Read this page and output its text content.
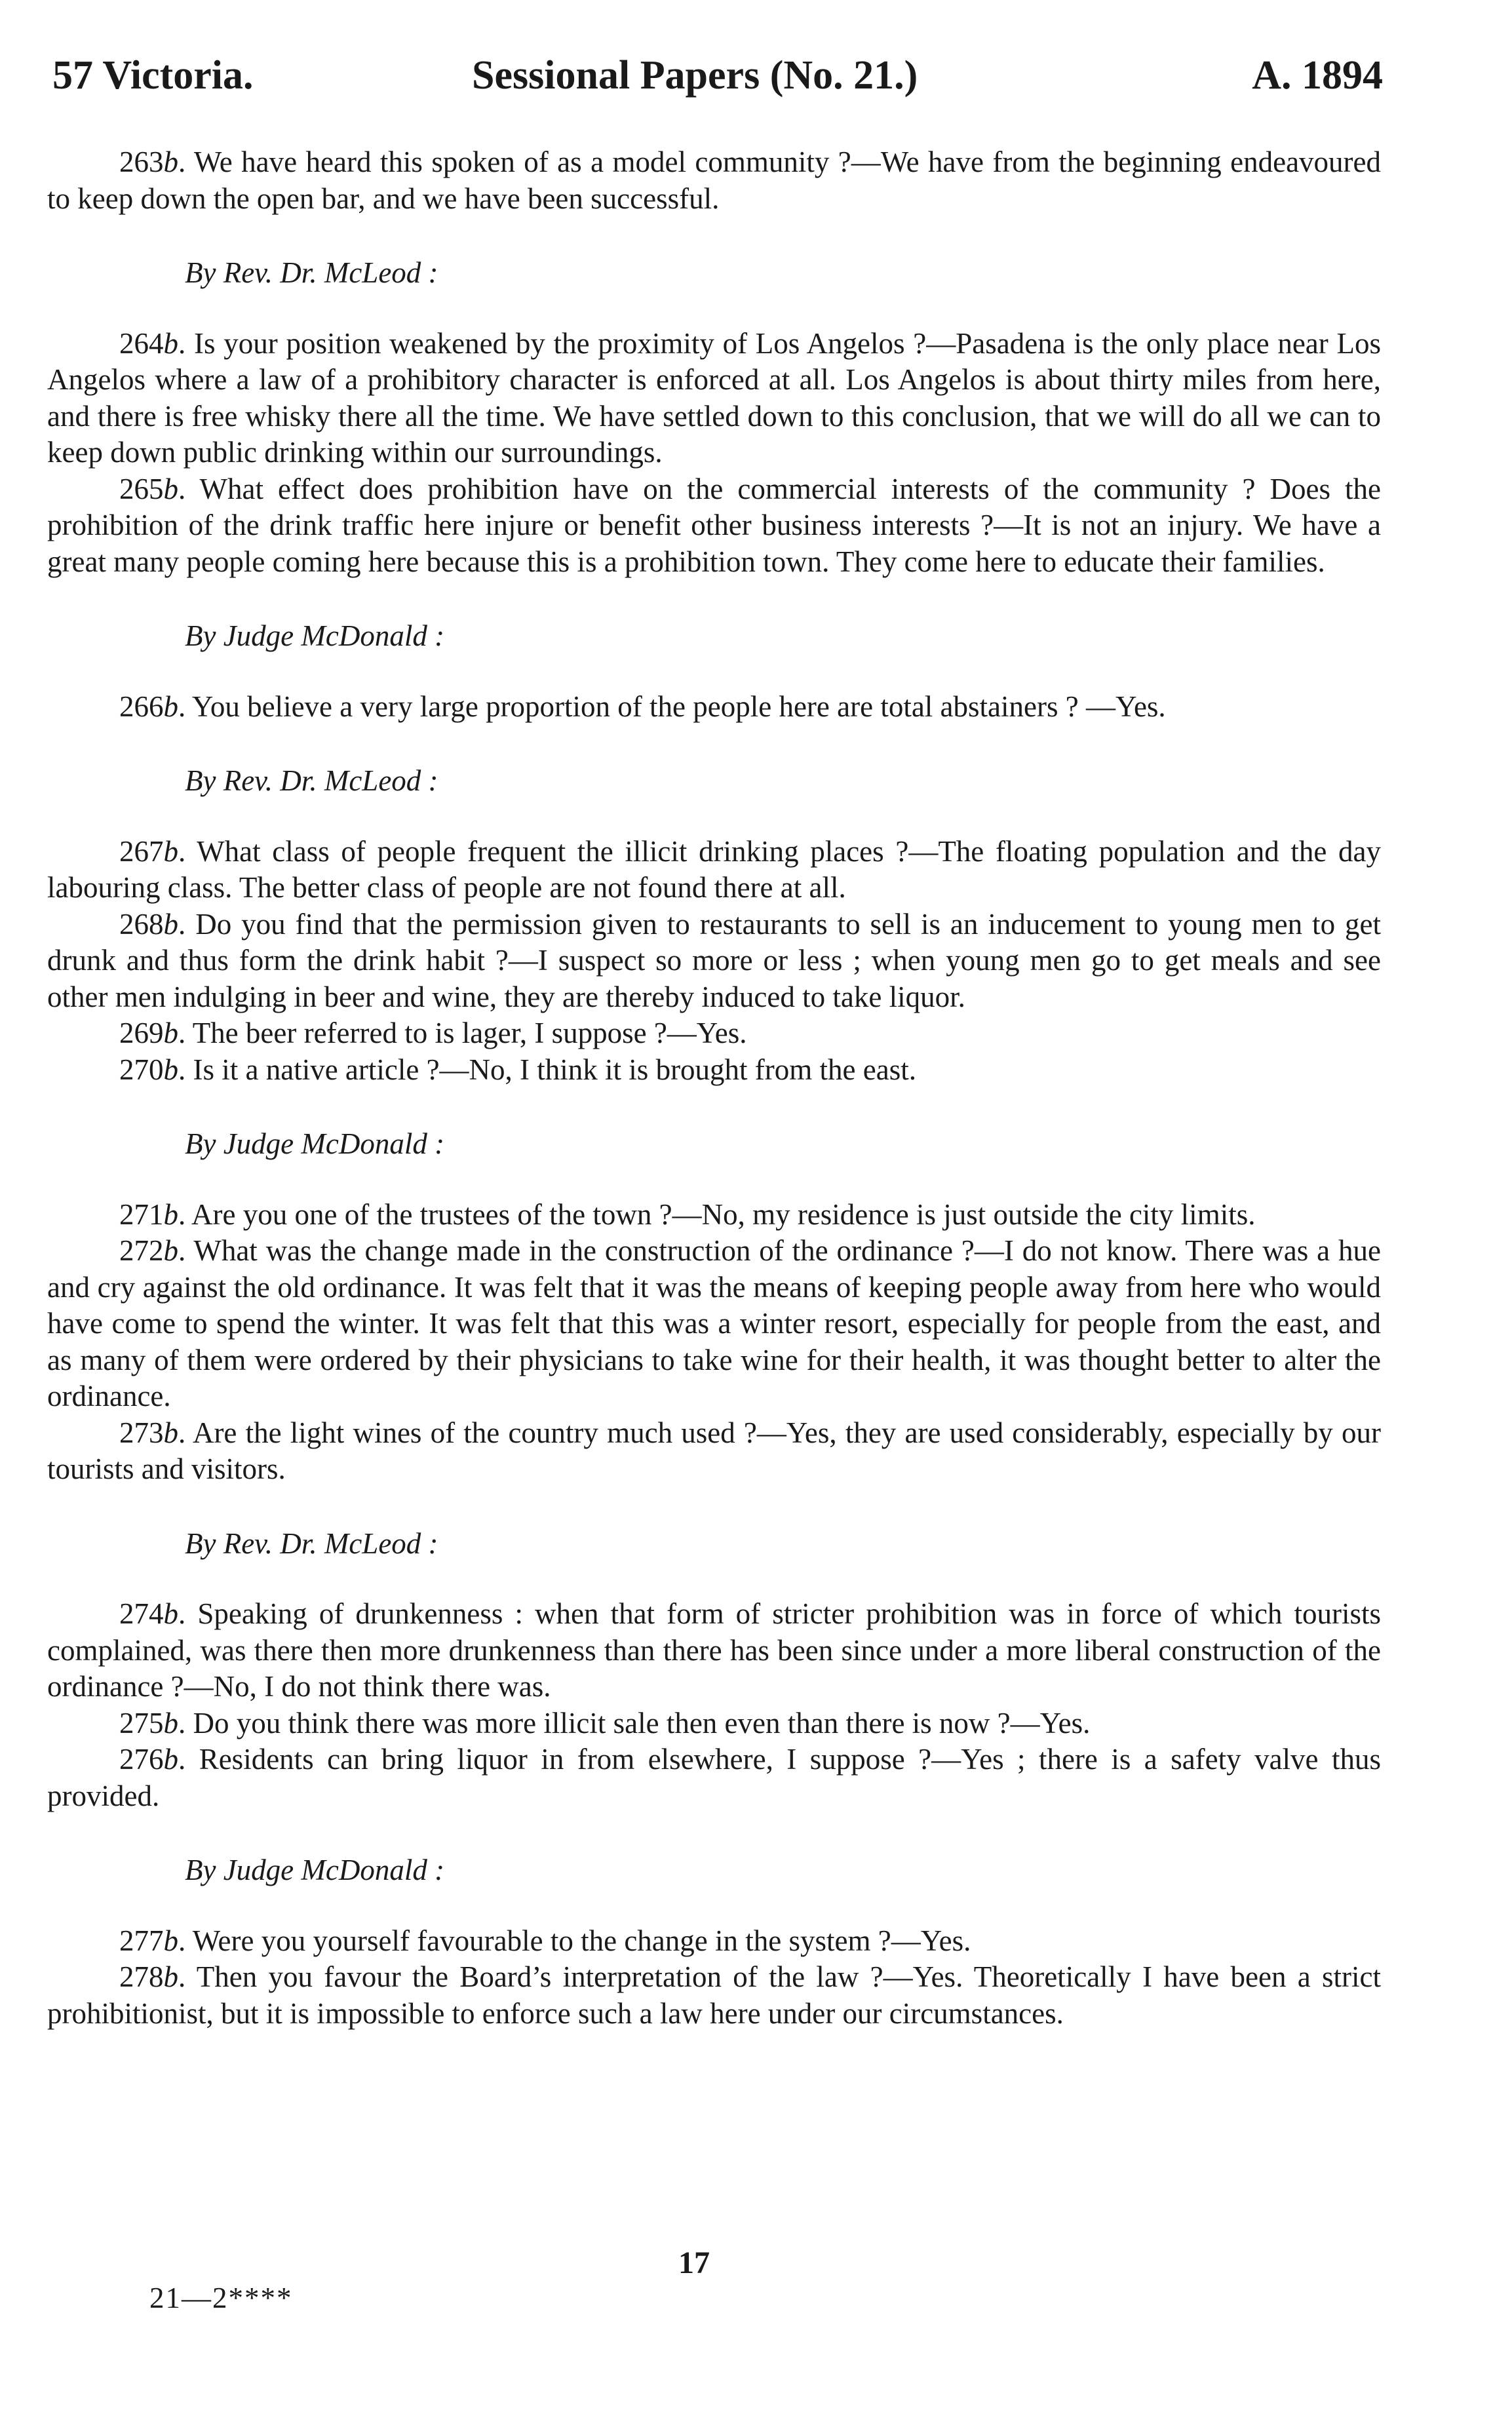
57 Victoria.	Sessional Papers (No. 21.)	A. 1894

263b. We have heard this spoken of as a model community ?—We have from the beginning endeavoured to keep down the open bar, and we have been successful.

By Rev. Dr. McLeod :

264b. Is your position weakened by the proximity of Los Angelos ?—Pasadena is the only place near Los Angelos where a law of a prohibitory character is enforced at all. Los Angelos is about thirty miles from here, and there is free whisky there all the time. We have settled down to this conclusion, that we will do all we can to keep down public drinking within our surroundings.

265b. What effect does prohibition have on the commercial interests of the community ? Does the prohibition of the drink traffic here injure or benefit other business interests ?—It is not an injury. We have a great many people coming here because this is a prohibition town. They come here to educate their families.

By Judge McDonald :

266b. You believe a very large proportion of the people here are total abstainers ? —Yes.

By Rev. Dr. McLeod :

267b. What class of people frequent the illicit drinking places ?—The floating population and the day labouring class. The better class of people are not found there at all.

268b. Do you find that the permission given to restaurants to sell is an inducement to young men to get drunk and thus form the drink habit ?—I suspect so more or less ; when young men go to get meals and see other men indulging in beer and wine, they are thereby induced to take liquor.

269b. The beer referred to is lager, I suppose ?—Yes.

270b. Is it a native article ?—No, I think it is brought from the east.

By Judge McDonald :

271b. Are you one of the trustees of the town ?—No, my residence is just outside the city limits.

272b. What was the change made in the construction of the ordinance ?—I do not know. There was a hue and cry against the old ordinance. It was felt that it was the means of keeping people away from here who would have come to spend the winter. It was felt that this was a winter resort, especially for people from the east, and as many of them were ordered by their physicians to take wine for their health, it was thought better to alter the ordinance.

273b. Are the light wines of the country much used ?—Yes, they are used considerably, especially by our tourists and visitors.

By Rev. Dr. McLeod :

274b. Speaking of drunkenness : when that form of stricter prohibition was in force of which tourists complained, was there then more drunkenness than there has been since under a more liberal construction of the ordinance ?—No, I do not think there was.

275b. Do you think there was more illicit sale then even than there is now ?—Yes.

276b. Residents can bring liquor in from elsewhere, I suppose ?—Yes ; there is a safety valve thus provided.

By Judge McDonald :

277b. Were you yourself favourable to the change in the system ?—Yes.

278b. Then you favour the Board’s interpretation of the law ?—Yes. Theoretically I have been a strict prohibitionist, but it is impossible to enforce such a law here under our circumstances.

17
21—2****
